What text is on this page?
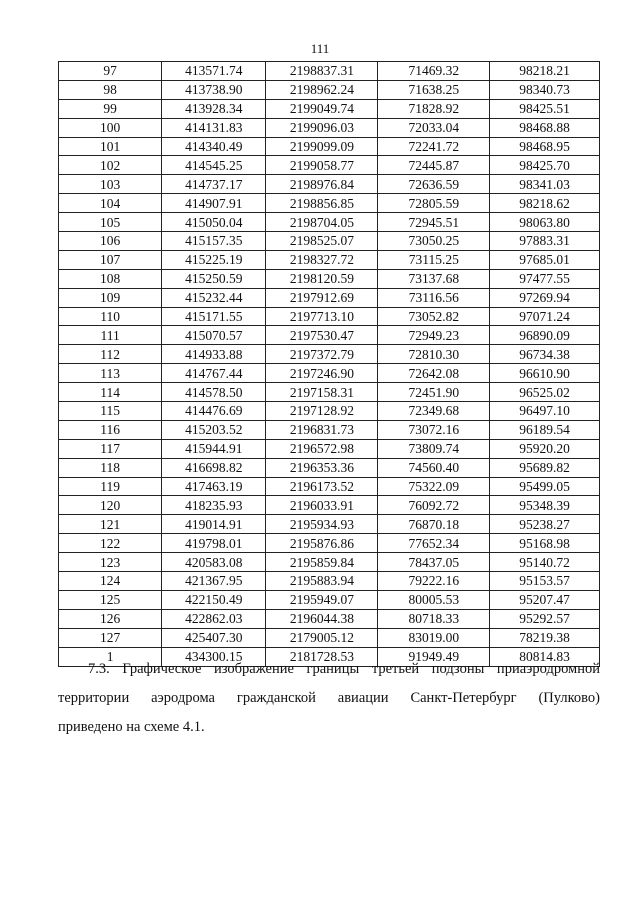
111
97	413571.74	2198837.31	71469.32	98218.21
98	413738.90	2198962.24	71638.25	98340.73
99	413928.34	2199049.74	71828.92	98425.51
100	414131.83	2199096.03	72033.04	98468.88
101	414340.49	2199099.09	72241.72	98468.95
102	414545.25	2199058.77	72445.87	98425.70
103	414737.17	2198976.84	72636.59	98341.03
104	414907.91	2198856.85	72805.59	98218.62
105	415050.04	2198704.05	72945.51	98063.80
106	415157.35	2198525.07	73050.25	97883.31
107	415225.19	2198327.72	73115.25	97685.01
108	415250.59	2198120.59	73137.68	97477.55
109	415232.44	2197912.69	73116.56	97269.94
110	415171.55	2197713.10	73052.82	97071.24
111	415070.57	2197530.47	72949.23	96890.09
112	414933.88	2197372.79	72810.30	96734.38
113	414767.44	2197246.90	72642.08	96610.90
114	414578.50	2197158.31	72451.90	96525.02
115	414476.69	2197128.92	72349.68	96497.10
116	415203.52	2196831.73	73072.16	96189.54
117	415944.91	2196572.98	73809.74	95920.20
118	416698.82	2196353.36	74560.40	95689.82
119	417463.19	2196173.52	75322.09	95499.05
120	418235.93	2196033.91	76092.72	95348.39
121	419014.91	2195934.93	76870.18	95238.27
122	419798.01	2195876.86	77652.34	95168.98
123	420583.08	2195859.84	78437.05	95140.72
124	421367.95	2195883.94	79222.16	95153.57
125	422150.49	2195949.07	80005.53	95207.47
126	422862.03	2196044.38	80718.33	95292.57
127	425407.30	2179005.12	83019.00	78219.38
1	434300.15	2181728.53	91949.49	80814.83
7.3. Графическое изображение границы третьей подзоны приаэродромной
территории аэродрома гражданской авиации Санкт-Петербург (Пулково)
приведено на схеме 4.1.
